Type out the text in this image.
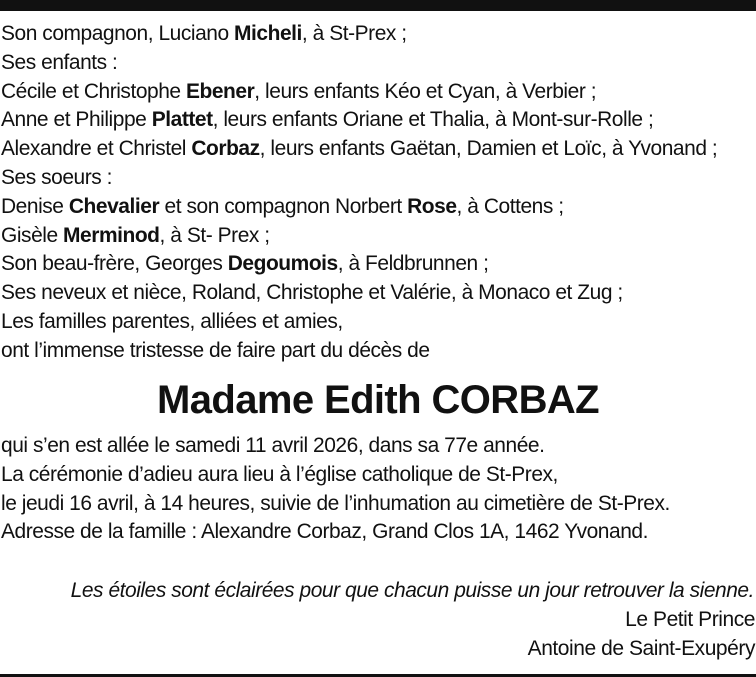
Son compagnon, Luciano Micheli, à St-Prex ;
Ses enfants :
Cécile et Christophe Ebener, leurs enfants Kéo et Cyan, à Verbier ;
Anne et Philippe Plattet, leurs enfants Oriane et Thalia, à Mont-sur-Rolle ;
Alexandre et Christel Corbaz, leurs enfants Gaëtan, Damien et Loïc, à Yvonand ;
Ses soeurs :
Denise Chevalier et son compagnon Norbert Rose, à Cottens ;
Gisèle Merminod, à St- Prex ;
Son beau-frère, Georges Degoumois, à Feldbrunnen ;
Ses neveux et nièce, Roland, Christophe et Valérie, à Monaco et Zug ;
Les familles parentes, alliées et amies,
ont l’immense tristesse de faire part du décès de
Madame Edith CORBAZ
qui s’en est allée le samedi 11 avril 2026, dans sa 77e année.
La cérémonie d’adieu aura lieu à l’église catholique de St-Prex,
le jeudi 16 avril, à 14 heures, suivie de l’inhumation au cimetière de St-Prex.
Adresse de la famille : Alexandre Corbaz, Grand Clos 1A, 1462 Yvonand.
Les étoiles sont éclairées pour que chacun puisse un jour retrouver la sienne.
Le Petit Prince
Antoine de Saint-Exupéry
